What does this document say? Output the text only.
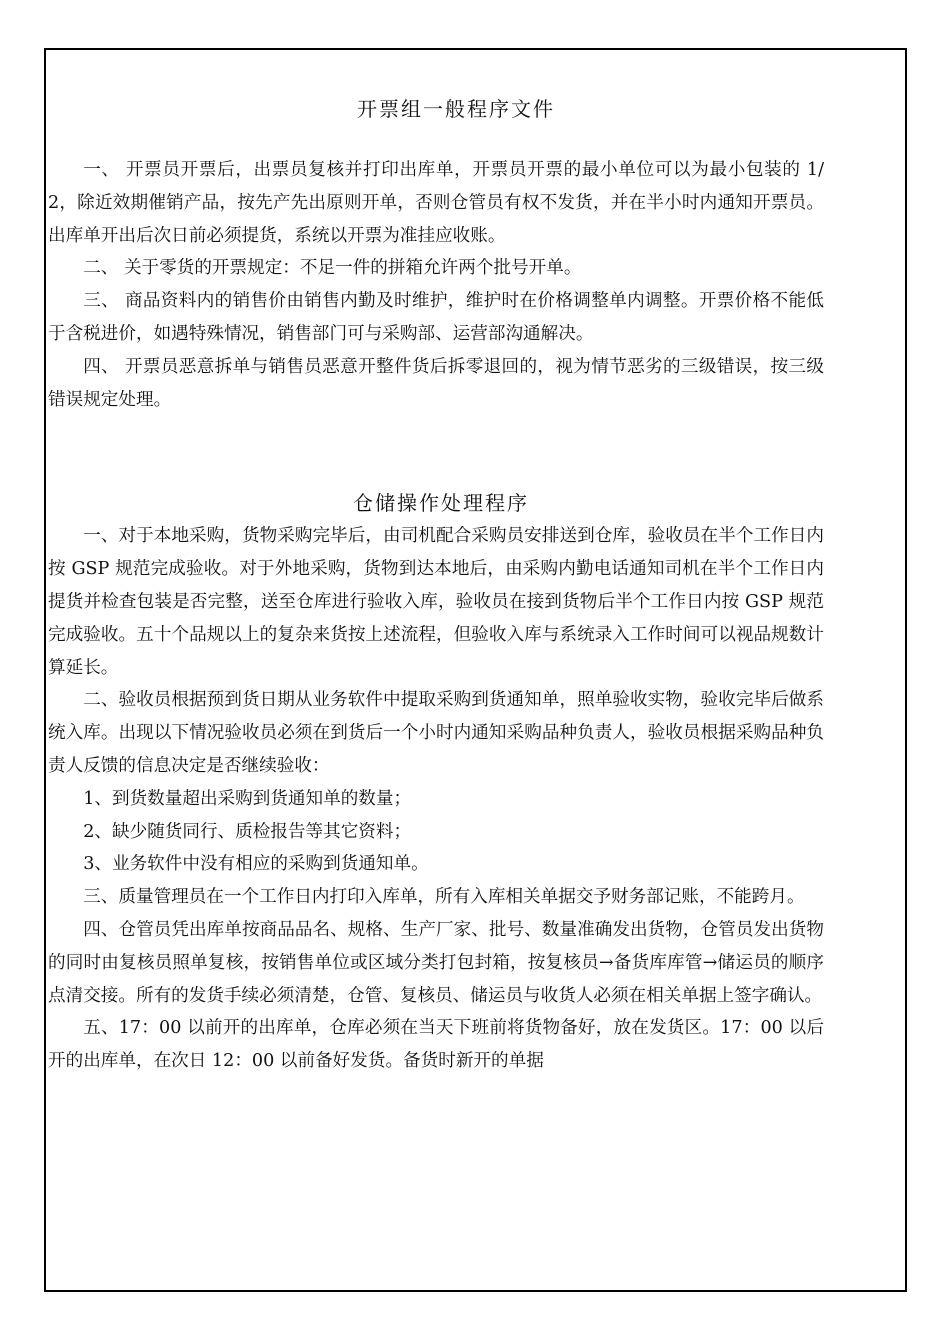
开票组一般程序文件

一、 开票员开票后，出票员复核并打印出库单，开票员开票的最小单位可以为最小包装的 1/2，除近效期催销产品，按先产先出原则开单，否则仓管员有权不发货，并在半小时内通知开票员。出库单开出后次日前必须提货，系统以开票为准挂应收账。

二、 关于零货的开票规定：不足一件的拼箱允许两个批号开单。

三、 商品资料内的销售价由销售内勤及时维护，维护时在价格调整单内调整。开票价格不能低于含税进价，如遇特殊情况，销售部门可与采购部、运营部沟通解决。

四、 开票员恶意拆单与销售员恶意开整件货后拆零退回的，视为情节恶劣的三级错误，按三级错误规定处理。

仓储操作处理程序

一、对于本地采购，货物采购完毕后，由司机配合采购员安排送到仓库，验收员在半个工作日内按 GSP 规范完成验收。对于外地采购，货物到达本地后，由采购内勤电话通知司机在半个工作日内提货并检查包装是否完整，送至仓库进行验收入库，验收员在接到货物后半个工作日内按 GSP 规范完成验收。五十个品规以上的复杂来货按上述流程，但验收入库与系统录入工作时间可以视品规数计算延长。

二、验收员根据预到货日期从业务软件中提取采购到货通知单，照单验收实物，验收完毕后做系统入库。出现以下情况验收员必须在到货后一个小时内通知采购品种负责人，验收员根据采购品种负责人反馈的信息决定是否继续验收：

1、到货数量超出采购到货通知单的数量；

2、缺少随货同行、质检报告等其它资料；

3、业务软件中没有相应的采购到货通知单。

三、质量管理员在一个工作日内打印入库单，所有入库相关单据交予财务部记账，不能跨月。

四、仓管员凭出库单按商品品名、规格、生产厂家、批号、数量准确发出货物，仓管员发出货物的同时由复核员照单复核，按销售单位或区域分类打包封箱，按复核员→备货库库管→储运员的顺序点清交接。所有的发货手续必须清楚，仓管、复核员、储运员与收货人必须在相关单据上签字确认。

五、17：00 以前开的出库单，仓库必须在当天下班前将货物备好，放在发货区。17：00 以后开的出库单，在次日 12：00 以前备好发货。备货时新开的单据
